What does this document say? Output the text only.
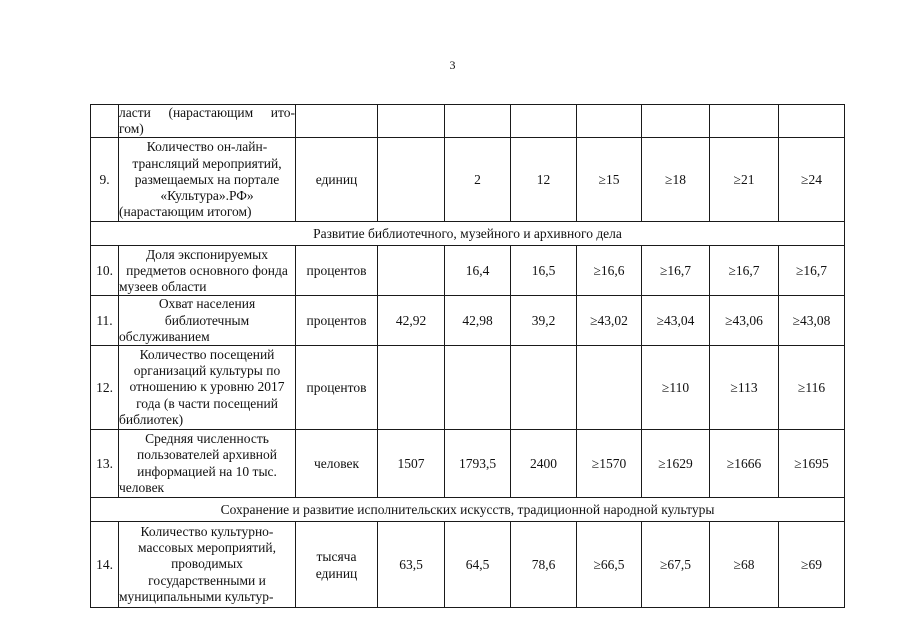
3
	ласти (нарастающим ито-
гом)								
9.	Количество он-лайн-трансляций мероприятий, размещаемых на портале «Культура».РФ» (нарастающим итогом)	единиц		2	12	≥15	≥18	≥21	≥24
Развитие библиотечного, музейного и архивного дела									
10.	Доля экспонируемых предметов основного фонда музеев области	процентов		16,4	16,5	≥16,6	≥16,7	≥16,7	≥16,7
11.	Охват населения библиотечным обслуживанием	процентов	42,92	42,98	39,2	≥43,02	≥43,04	≥43,06	≥43,08
12.	Количество посещений организаций культуры по отношению к уровню 2017 года (в части посещений библиотек)	процентов					≥110	≥113	≥116
13.	Средняя численность пользователей архивной информацией на 10 тыс. человек	человек	1507	1793,5	2400	≥1570	≥1629	≥1666	≥1695
Сохранение и развитие исполнительских искусств, традиционной народной культуры									
14.	Количество культурно-массовых мероприятий, проводимых государственными и муниципальными культур-	тысяча единиц	63,5	64,5	78,6	≥66,5	≥67,5	≥68	≥69
